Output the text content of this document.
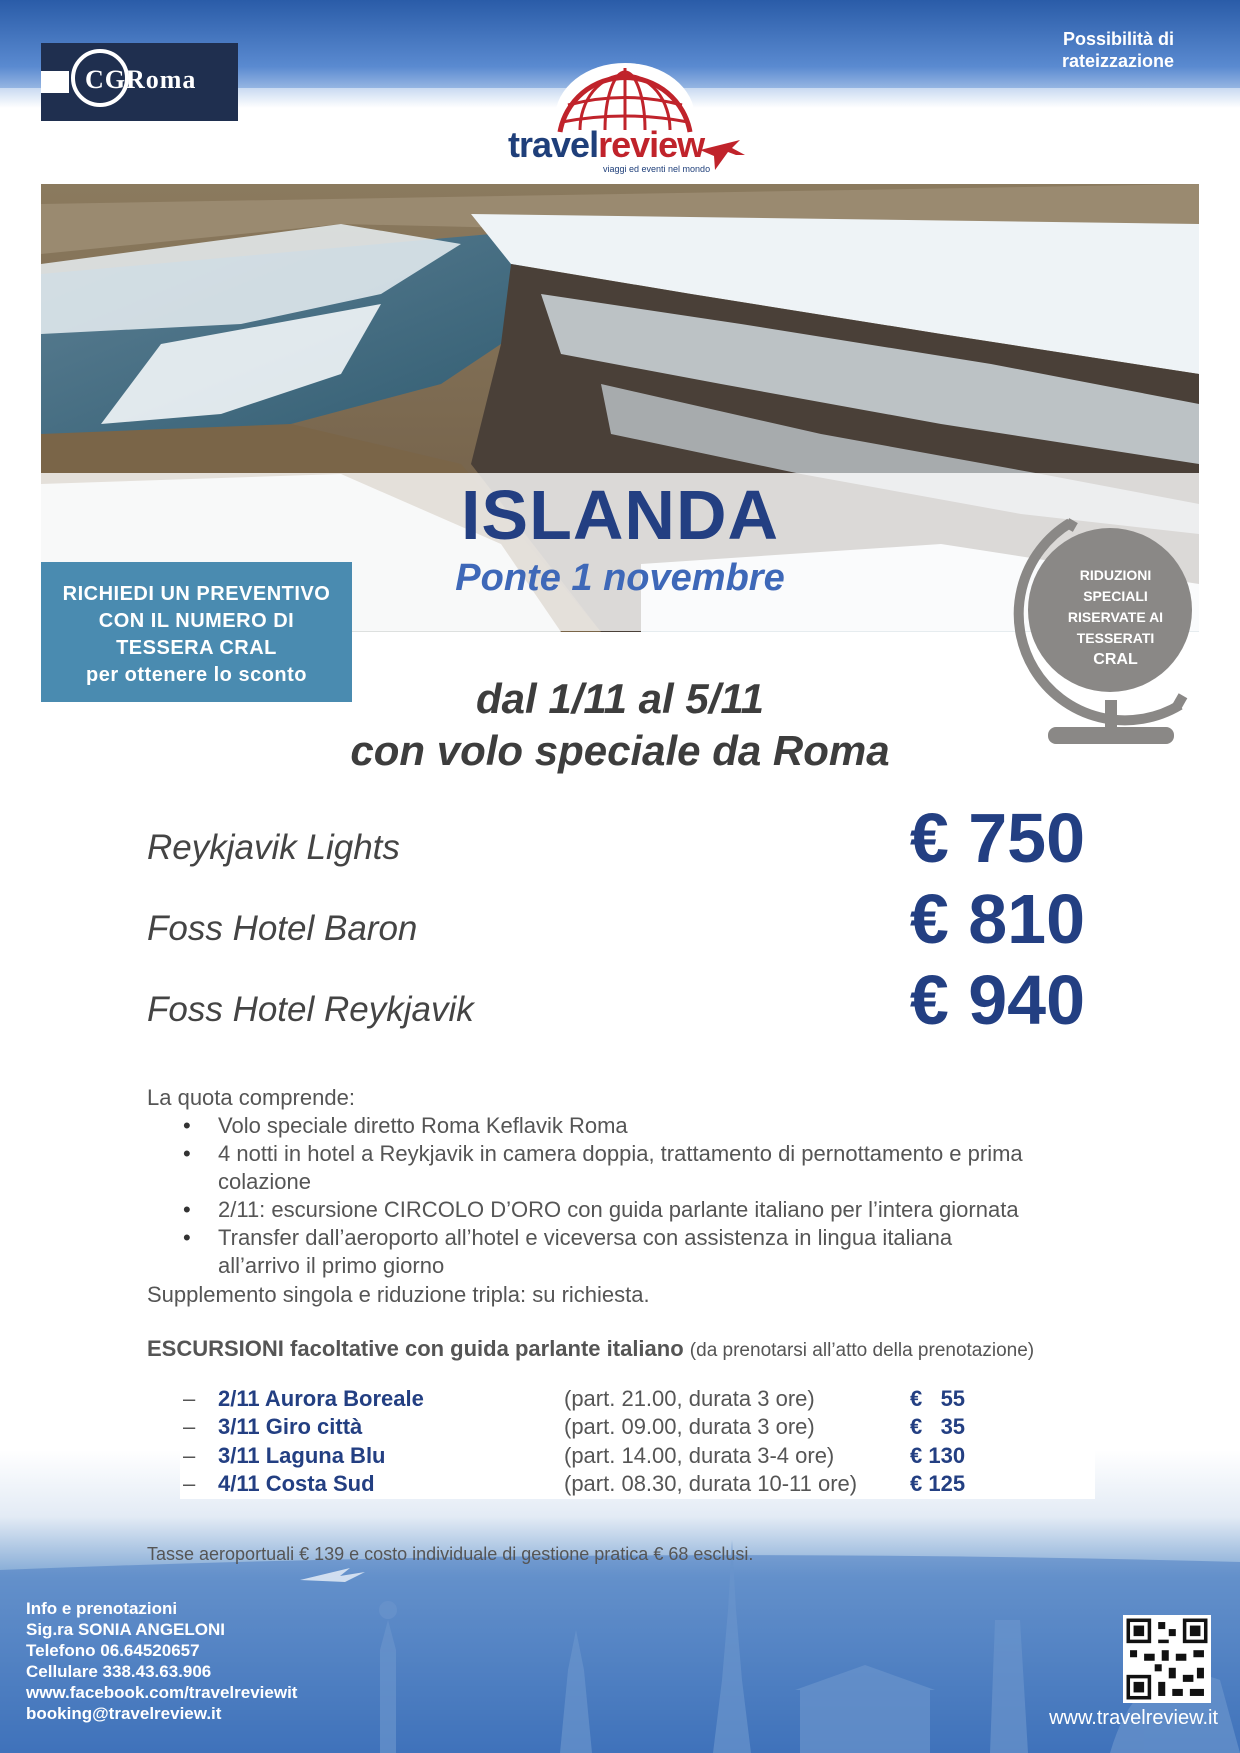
CGRoma
Possibilità di rateizzazione
travelreview
viaggi ed eventi nel mondo
ISLANDA
Ponte 1 novembre
RICHIEDI UN PREVENTIVO
CON IL NUMERO DI
TESSERA CRAL
per ottenere lo sconto
RIDUZIONI
SPECIALI
RISERVATE AI
TESSERATI
CRAL
dal 1/11 al 5/11
con volo speciale da Roma
Reykjavik Lights	€ 750
Foss Hotel Baron	€ 810
Foss Hotel Reykjavik	€ 940
La quota comprende:
• Volo speciale diretto Roma Keflavik Roma
• 4 notti in hotel a Reykjavik in camera doppia, trattamento di pernottamento e prima colazione
• 2/11: escursione CIRCOLO D’ORO con guida parlante italiano per l’intera giornata
• Transfer dall’aeroporto all’hotel e viceversa con assistenza in lingua italiana all’arrivo il primo giorno
Supplemento singola e riduzione tripla: su richiesta.
ESCURSIONI facoltative con guida parlante italiano (da prenotarsi all’atto della prenotazione)
– 2/11 Aurora Boreale	(part. 21.00, durata 3 ore)	€   55
– 3/11 Giro città	(part. 09.00, durata 3 ore)	€   35
– 3/11 Laguna Blu	(part. 14.00, durata 3-4 ore)	€ 130
– 4/11 Costa Sud	(part. 08.30, durata 10-11 ore) € 125
Tasse aeroportuali € 139 e costo individuale di gestione pratica € 68 esclusi.
Info e prenotazioni
Sig.ra SONIA ANGELONI
Telefono 06.64520657
Cellulare 338.43.63.906
www.facebook.com/travelreviewit
booking@travelreview.it	www.travelreview.it
